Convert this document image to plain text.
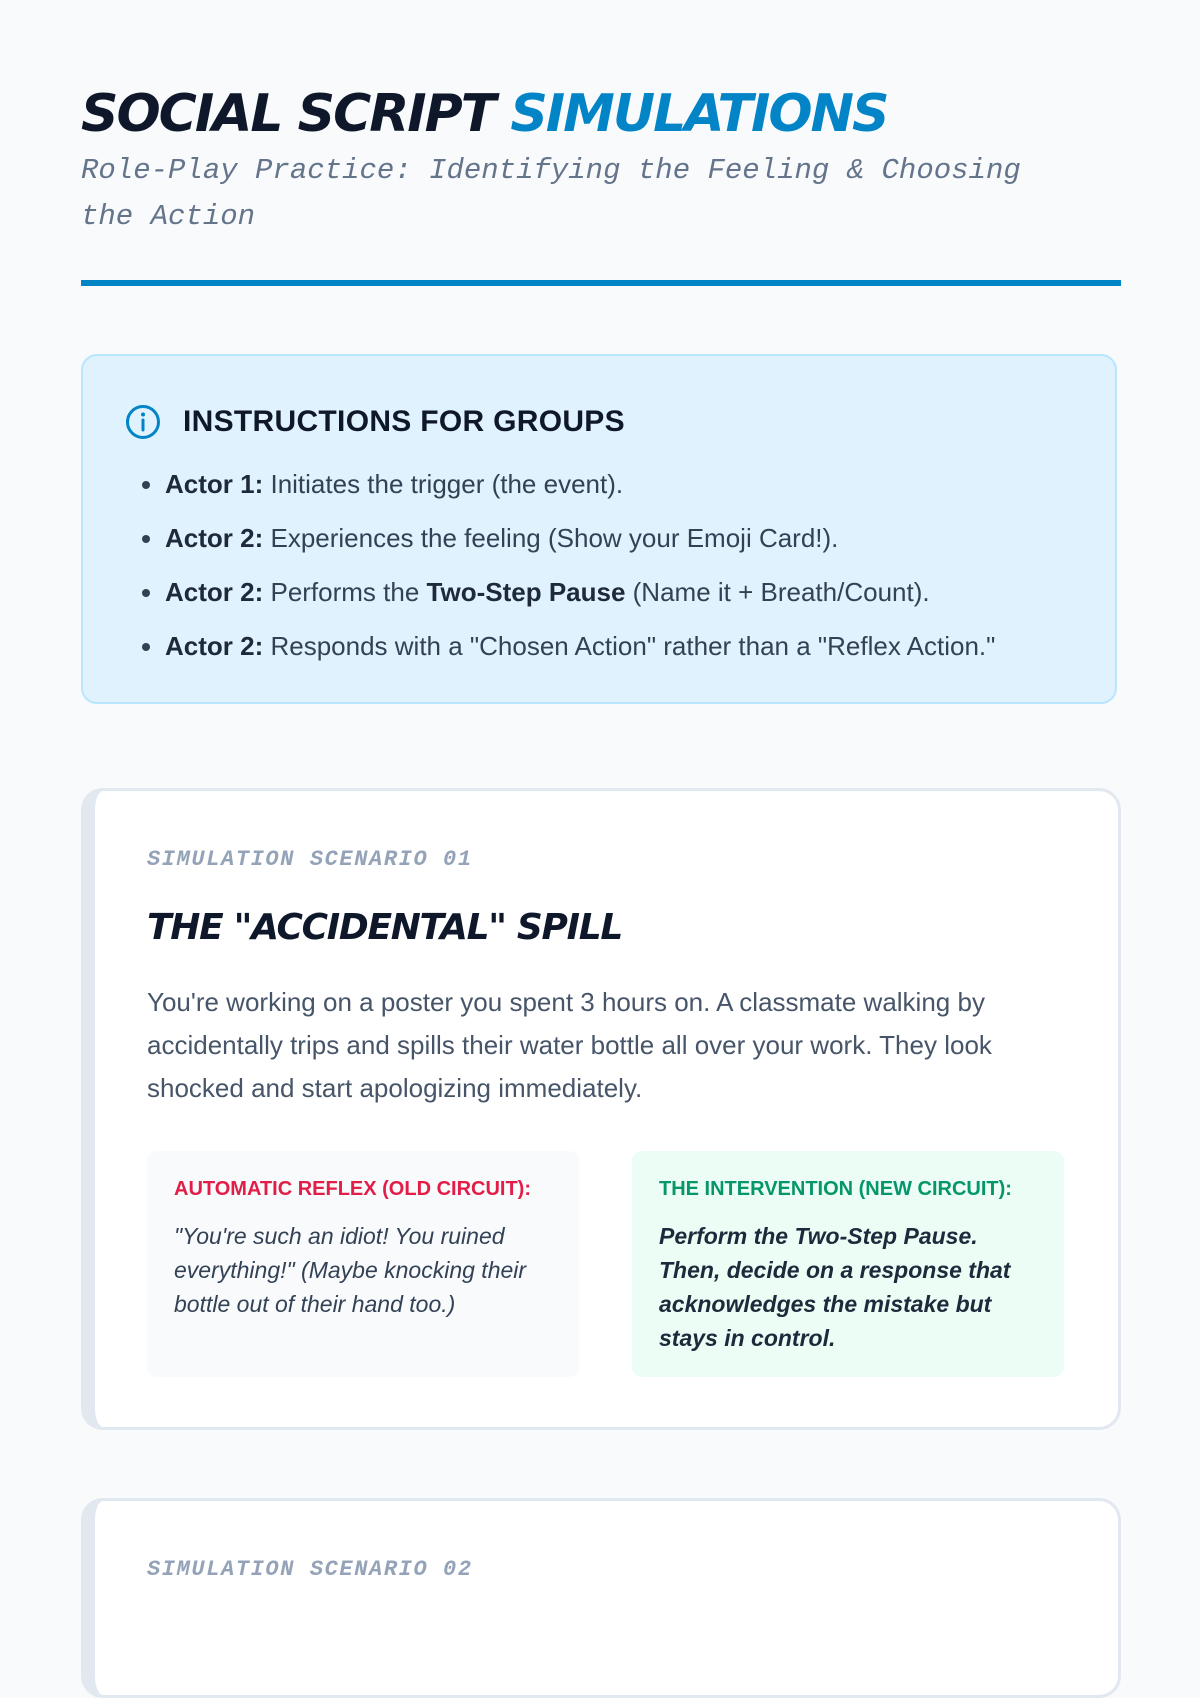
SOCIAL SCRIPT SIMULATIONS

Role-Play Practice: Identifying the Feeling & Choosing the Action

INSTRUCTIONS FOR GROUPS
• Actor 1: Initiates the trigger (the event).
• Actor 2: Experiences the feeling (Show your Emoji Card!).
• Actor 2: Performs the Two-Step Pause (Name it + Breath/Count).
• Actor 2: Responds with a "Chosen Action" rather than a "Reflex Action."
SIMULATION SCENARIO 01
THE "ACCIDENTAL" SPILL

You're working on a poster you spent 3 hours on. A classmate walking by accidentally trips and spills their water bottle all over your work. They look shocked and start apologizing immediately.

AUTOMATIC REFLEX (OLD CIRCUIT):
"You're such an idiot! You ruined everything!" (Maybe knocking their bottle out of their hand too.)
THE INTERVENTION (NEW CIRCUIT):
Perform the Two-Step Pause. Then, decide on a response that acknowledges the mistake but stays in control.
SIMULATION SCENARIO 02
